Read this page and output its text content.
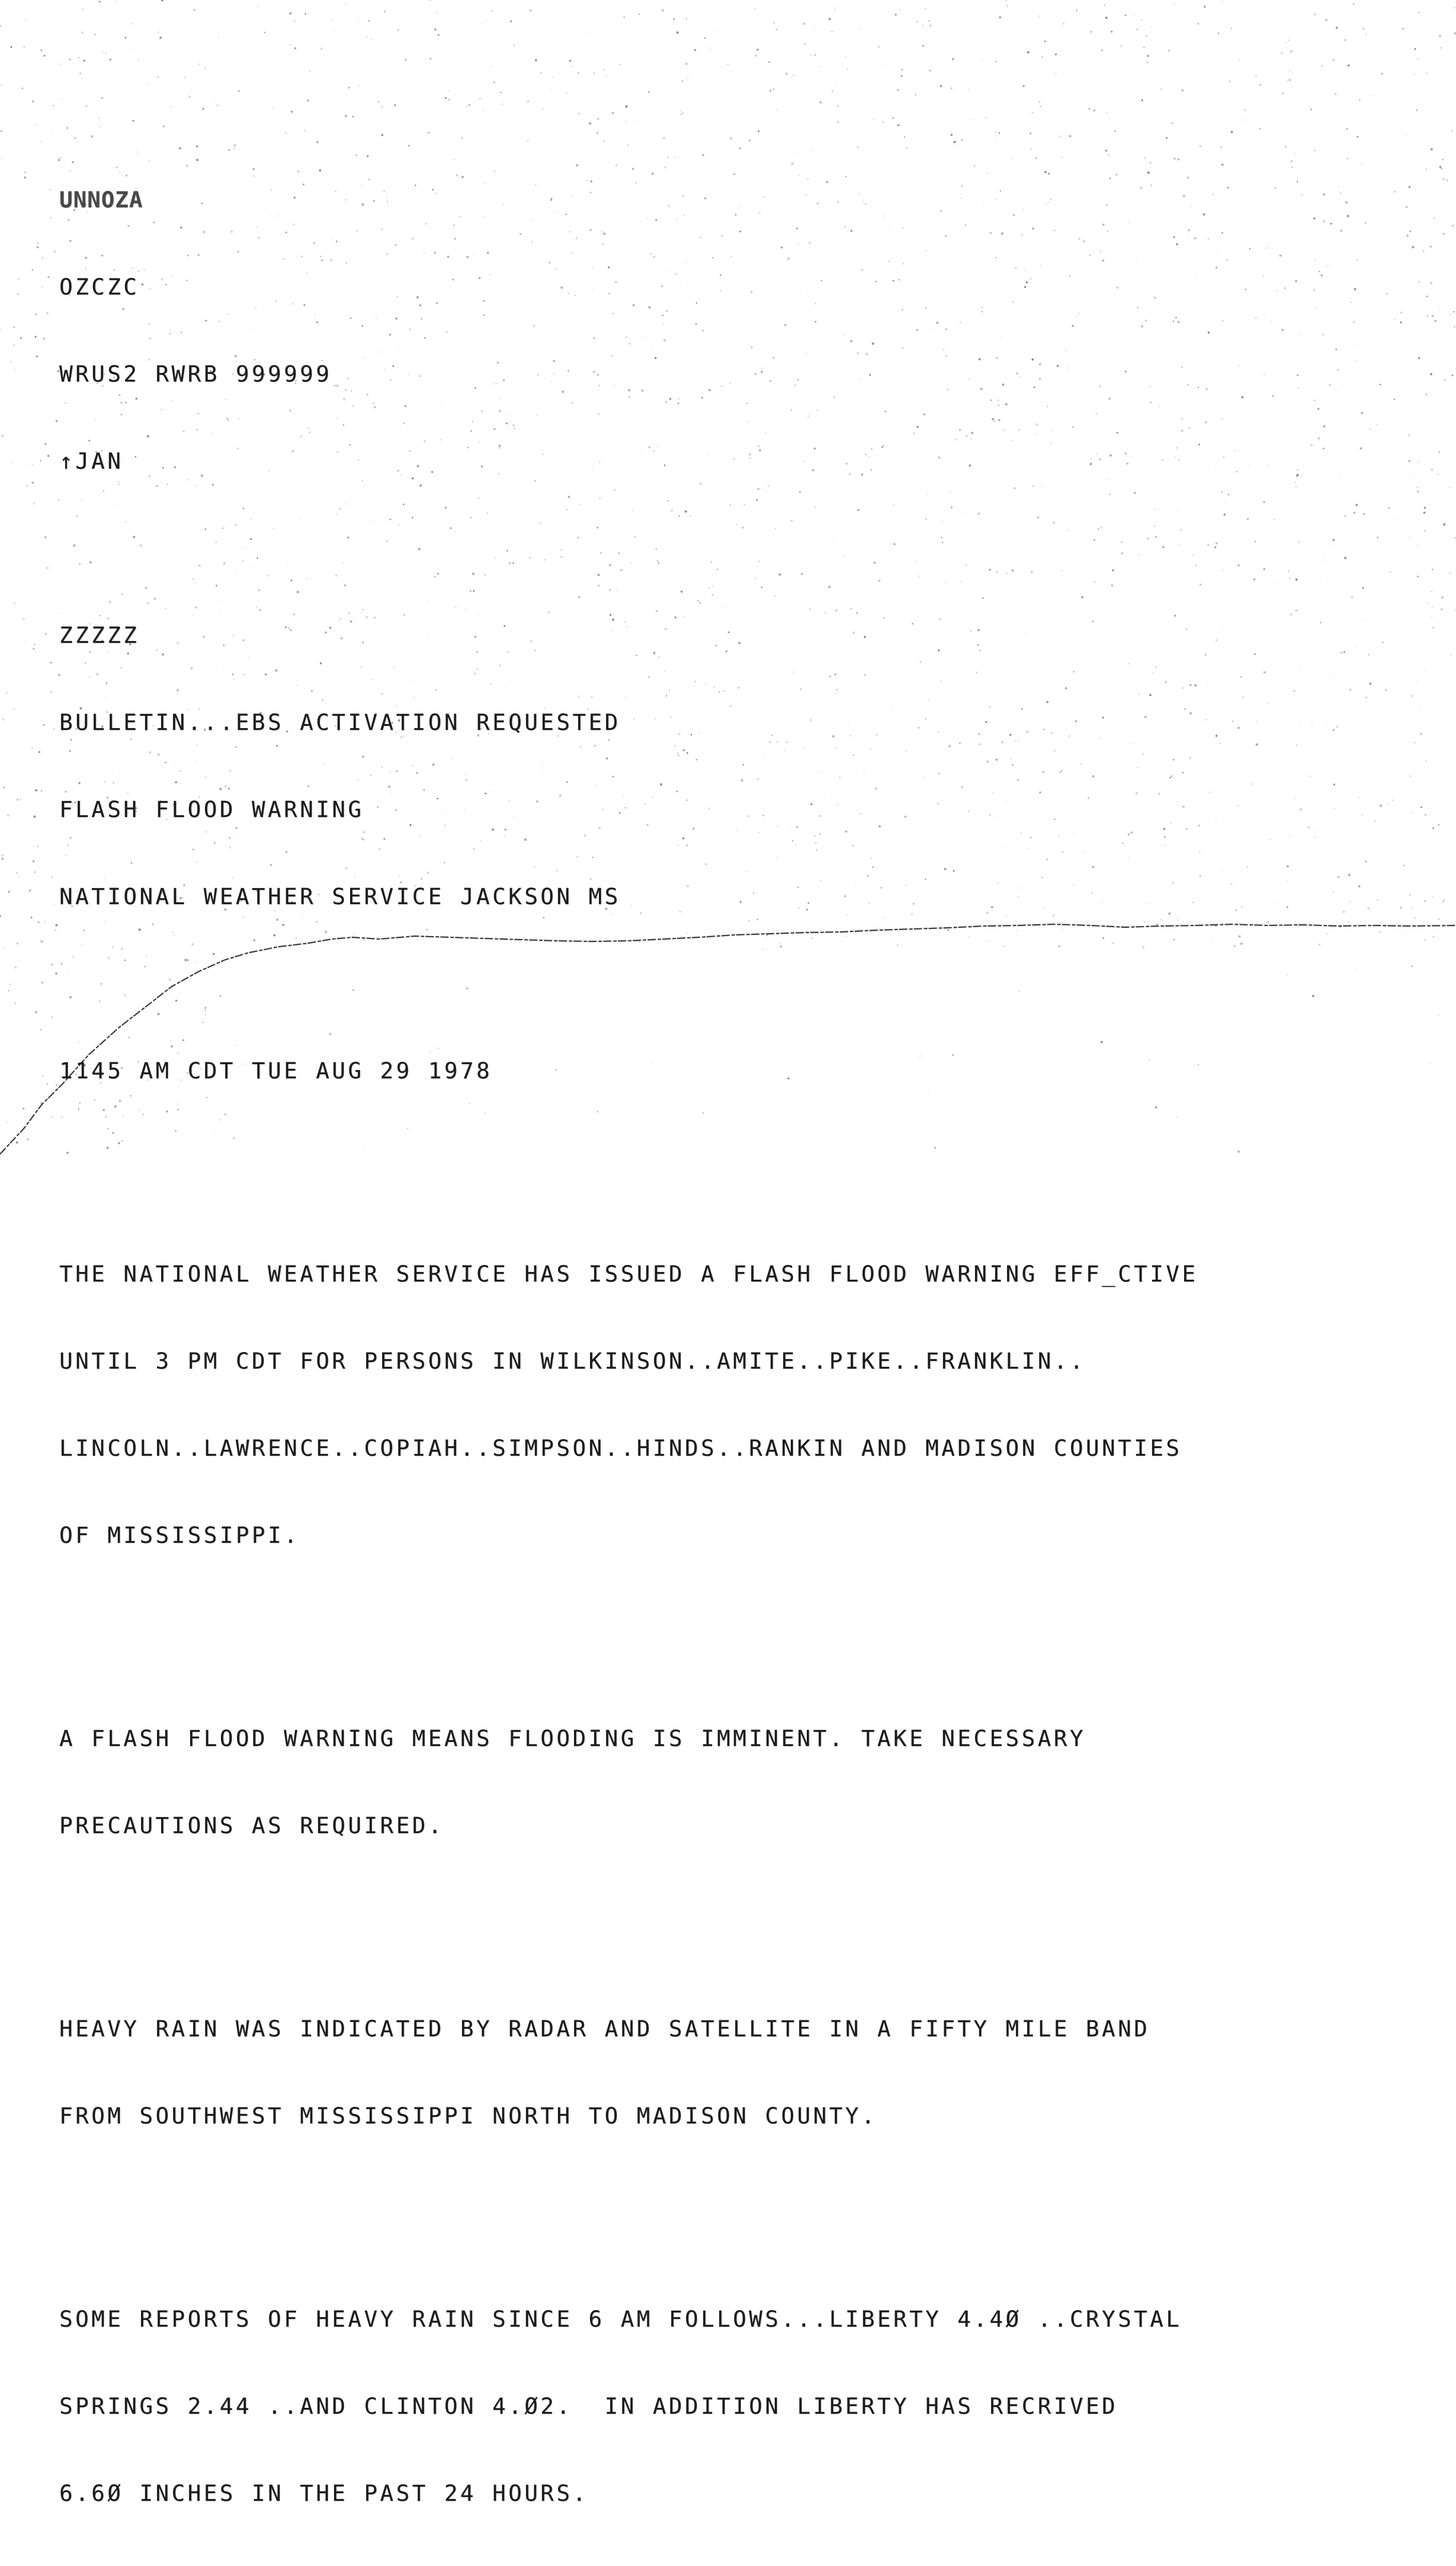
UNNOZA

OZCZC

WRUS2 RWRB 999999

↑JAN

ZZZZZ

BULLETIN...EBS ACTIVATION REQUESTED

FLASH FLOOD WARNING

NATIONAL WEATHER SERVICE JACKSON MS

1145 AM CDT TUE AUG 29 1978

THE NATIONAL WEATHER SERVICE HAS ISSUED A FLASH FLOOD WARNING EFF_CTIVE

UNTIL 3 PM CDT FOR PERSONS IN WILKINSON..AMITE..PIKE..FRANKLIN..

LINCOLN..LAWRENCE..COPIAH..SIMPSON..HINDS..RANKIN AND MADISON COUNTIES

OF MISSISSIPPI.

A FLASH FLOOD WARNING MEANS FLOODING IS IMMINENT. TAKE NECESSARY

PRECAUTIONS AS REQUIRED.

HEAVY RAIN WAS INDICATED BY RADAR AND SATELLITE IN A FIFTY MILE BAND

FROM SOUTHWEST MISSISSIPPI NORTH TO MADISON COUNTY.

SOME REPORTS OF HEAVY RAIN SINCE 6 AM FOLLOWS...LIBERTY 4.4Ø ..CRYSTAL

SPRINGS 2.44 ..AND CLINTON 4.Ø2.  IN ADDITION LIBERTY HAS RECRIVED

6.6Ø INCHES IN THE PAST 24 HOURS.
